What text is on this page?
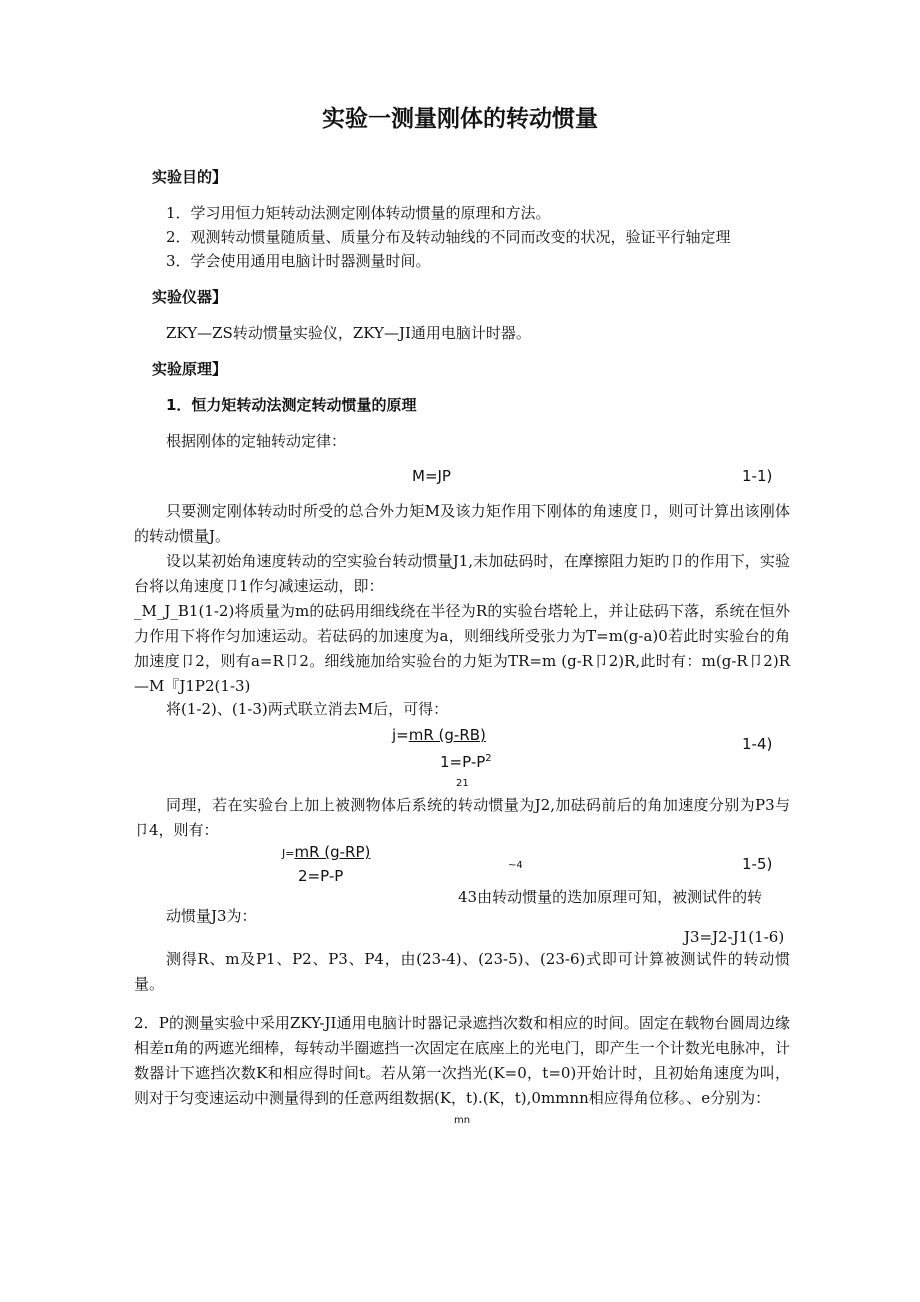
实验一测量刚体的转动惯量
实验目的】
1．学习用恒力矩转动法测定刚体转动惯量的原理和方法。
2．观测转动惯量随质量、质量分布及转动轴线的不同而改变的状况，验证平行轴定理
3．学会使用通用电脑计时器测量时间。
实验仪器】
ZKY—ZS转动惯量实验仪，ZKY—JI通用电脑计时器。
实验原理】
1．恒力矩转动法测定转动惯量的原理
根据刚体的定轴转动定律：
M=JP	1-1)
只要测定刚体转动时所受的总合外力矩M及该力矩作用下刚体的角速度卩，则可计算出该刚体的转动惯量J。
设以某初始角速度转动的空实验台转动惯量J1,未加砝码时，在摩擦阻力矩旳卩的作用下，实验台将以角速度卩1作匀减速运动，即：
_M_J_B1(1-2)将质量为m的砝码用细线绕在半径为R的实验台塔轮上，并让砝码下落，系统在恒外力作用下将作匀加速运动。若砝码的加速度为a，则细线所受张力为T=m(g-a)0若此时实验台的角加速度卩2，则有a=R卩2。细线施加给实验台的力矩为TR=m (g-R卩2)R,此时有：m(g-R卩2)R—M『J1P2(1-3)
将(1-2)、(1-3)两式联立消去M后，可得：
j=mR (g-RB)
$1=P-P^2$
21
1-4)
同理，若在实验台上加上被测物体后系统的转动惯量为J2,加砝码前后的角加速度分别为P3与卩4，则有：
J=mR (g-RP)
2=P-P
~4	1-5)
43由转动惯量的迭加原理可知，被测试件的转
动惯量J3为：
J3=J2-J1(1-6)
测得R、m及P1、P2、P3、P4，由(23-4)、(23-5)、(23-6)式即可计算被测试件的转动惯量。
2．P的测量实验中采用ZKY-JI通用电脑计时器记录遮挡次数和相应的时间。固定在载物台圆周边缘相差π角的两遮光细棒，每转动半圈遮挡一次固定在底座上的光电门，即产生一个计数光电脉冲，计数器计下遮挡次数K和相应得时间t。若从第一次挡光(K=0，t=0)开始计时，且初始角速度为叫，则对于匀变速运动中测量得到的任意两组数据(K，t).(K，t),0mmnn相应得角位移。、e分别为：
mn
